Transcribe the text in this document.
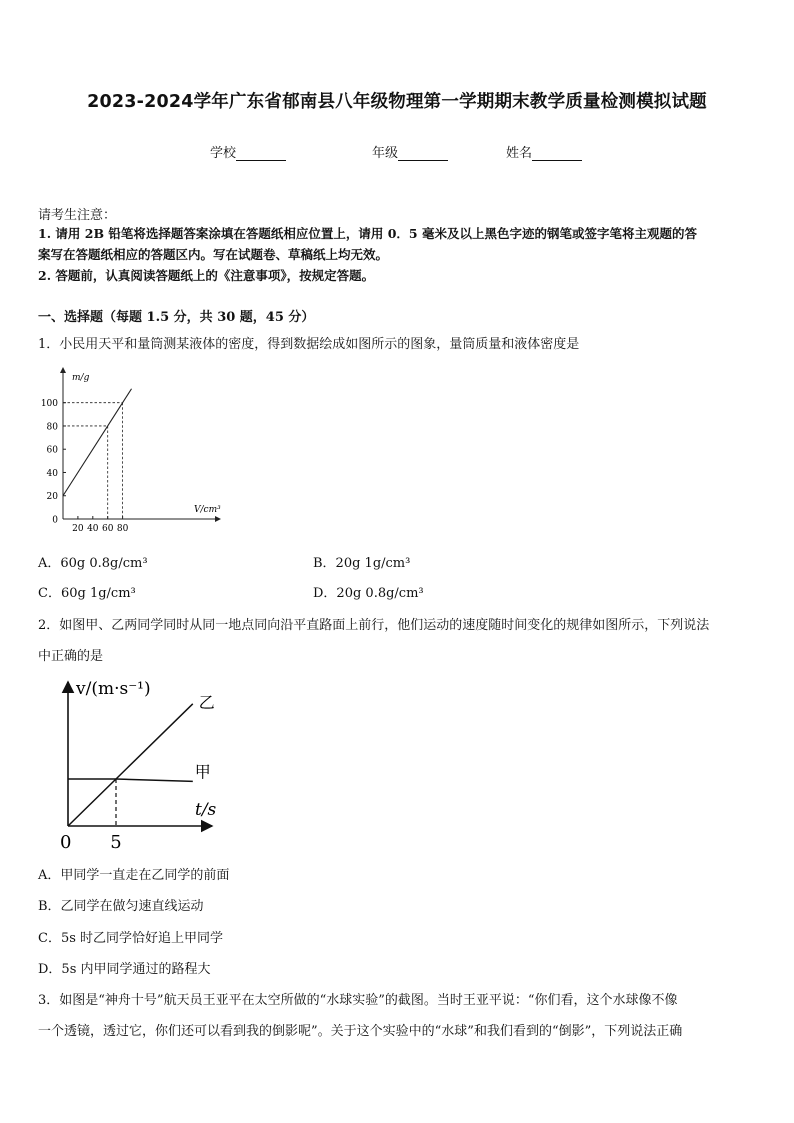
2023-2024学年广东省郁南县八年级物理第一学期期末教学质量检测模拟试题
学校	年级	姓名
请考生注意：
1. 请用 2B 铅笔将选择题答案涂填在答题纸相应位置上，请用 0．5 毫米及以上黑色字迹的钢笔或签字笔将主观题的答
案写在答题纸相应的答题区内。写在试题卷、草稿纸上均无效。
2. 答题前，认真阅读答题纸上的《注意事项》，按规定答题。
一、选择题（每题 1.5 分，共 30 题，45 分）
1．小民用天平和量筒测某液体的密度，得到数据绘成如图所示的图象，量筒质量和液体密度是
0
20
40
60
80
100
20 40 60 80
m/g
V/cm³
A．60g 0.8g/cm³	B．20g 1g/cm³
C．60g 1g/cm³	D．20g 0.8g/cm³
2．如图甲、乙两同学同时从同一地点同向沿平直路面上前行，他们运动的速度随时间变化的规律如图所示，下列说法
中正确的是
甲
乙
5
v/(m·s⁻¹)
t/s
0
A．甲同学一直走在乙同学的前面
B．乙同学在做匀速直线运动
C．5s 时乙同学恰好追上甲同学
D．5s 内甲同学通过的路程大
3．如图是“神舟十号”航天员王亚平在太空所做的“水球实验”的截图。当时王亚平说：“你们看，这个水球像不像
一个透镜，透过它，你们还可以看到我的倒影呢”。关于这个实验中的“水球”和我们看到的“倒影”，下列说法正确
